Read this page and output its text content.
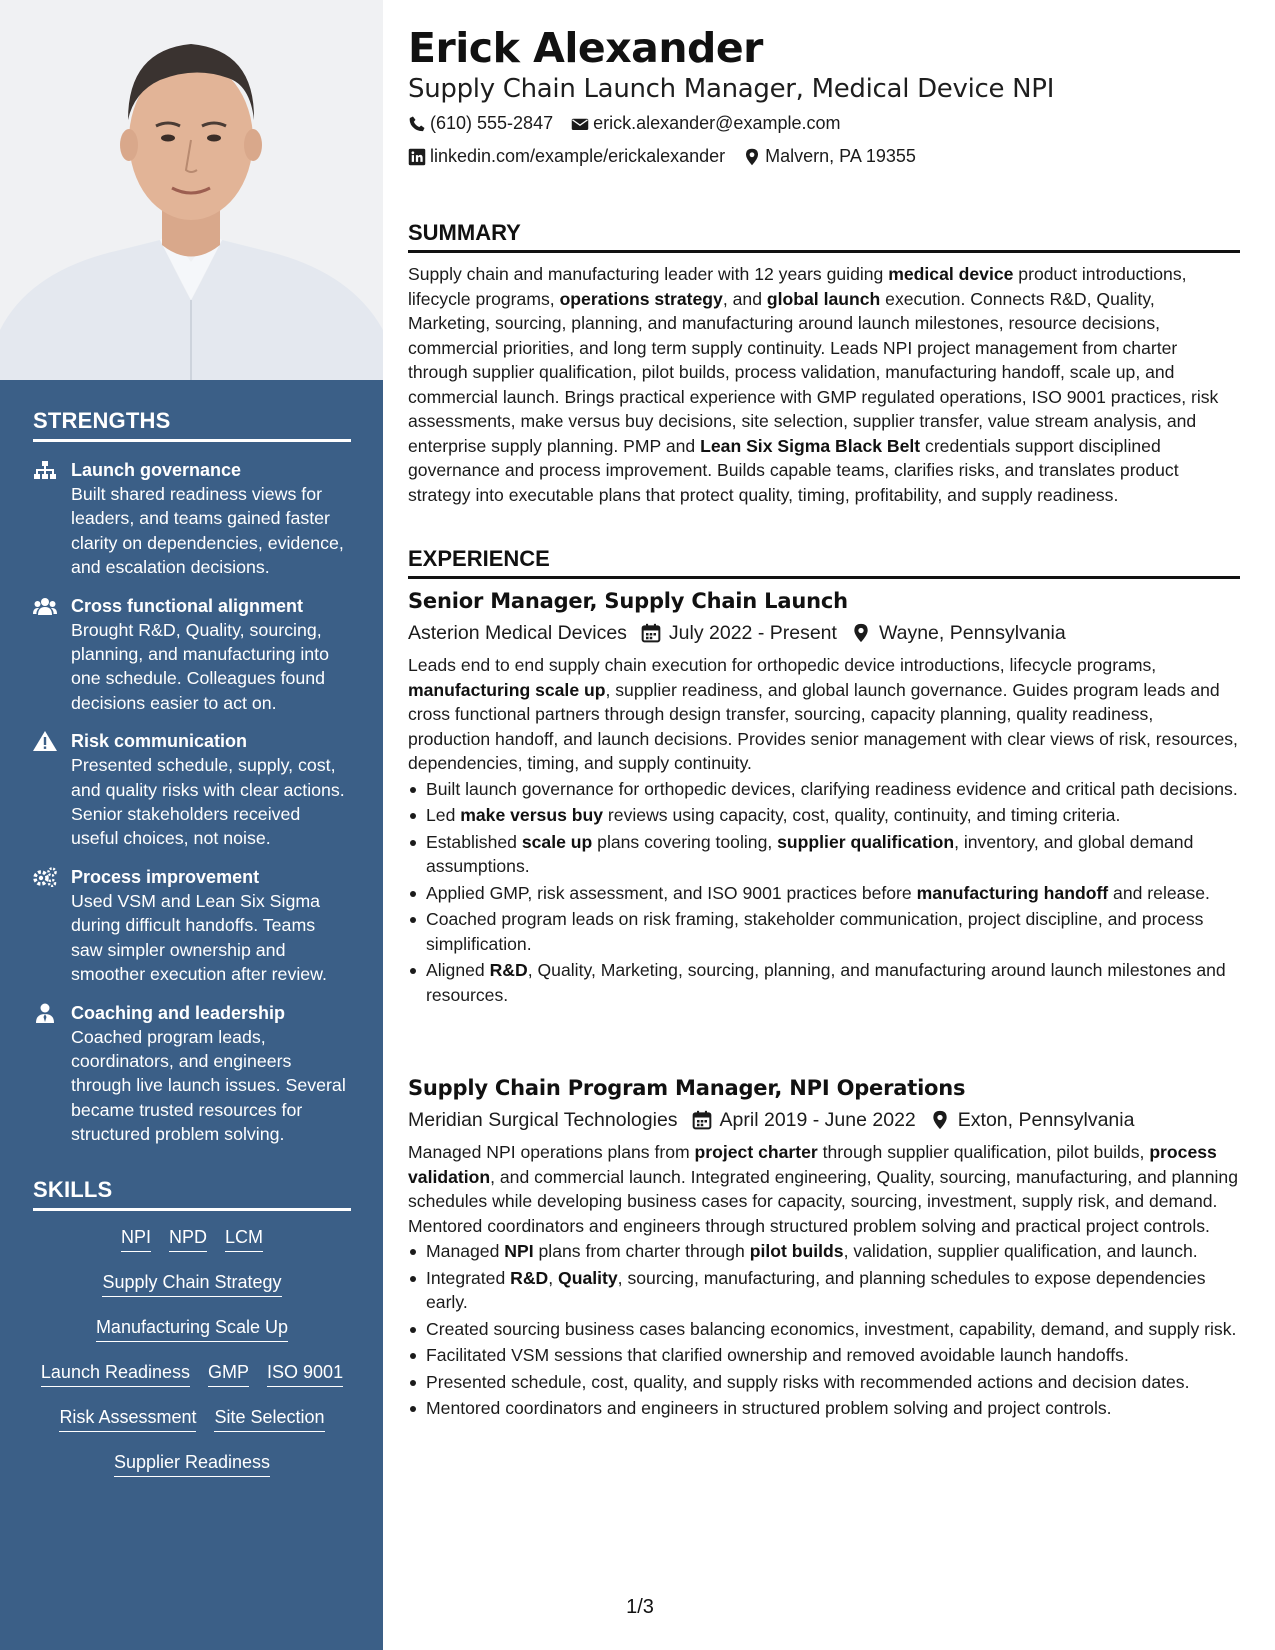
STRENGTHS
Launch governance
Built shared readiness views for leaders, and teams gained faster clarity on dependencies, evidence, and escalation decisions.
Cross functional alignment
Brought R&D, Quality, sourcing, planning, and manufacturing into one schedule. Colleagues found decisions easier to act on.
Risk communication
Presented schedule, supply, cost, and quality risks with clear actions. Senior stakeholders received useful choices, not noise.
Process improvement
Used VSM and Lean Six Sigma during difficult handoffs. Teams saw simpler ownership and smoother execution after review.
Coaching and leadership
Coached program leads, coordinators, and engineers through live launch issues. Several became trusted resources for structured problem solving.
SKILLS
NPI NPD LCM
Supply Chain Strategy
Manufacturing Scale Up
Launch Readiness GMP ISO 9001
Risk Assessment Site Selection
Supplier Readiness
Erick Alexander
Supply Chain Launch Manager, Medical Device NPI
(610) 555-2847 erick.alexander@example.com
linkedin.com/example/erickalexander Malvern, PA 19355
SUMMARY
Supply chain and manufacturing leader with 12 years guiding medical device product introductions, lifecycle programs, operations strategy, and global launch execution. Connects R&D, Quality, Marketing, sourcing, planning, and manufacturing around launch milestones, resource decisions, commercial priorities, and long term supply continuity. Leads NPI project management from charter through supplier qualification, pilot builds, process validation, manufacturing handoff, scale up, and commercial launch. Brings practical experience with GMP regulated operations, ISO 9001 practices, risk assessments, make versus buy decisions, site selection, supplier transfer, value stream analysis, and enterprise supply planning. PMP and Lean Six Sigma Black Belt credentials support disciplined governance and process improvement. Builds capable teams, clarifies risks, and translates product strategy into executable plans that protect quality, timing, profitability, and supply readiness.
EXPERIENCE
Senior Manager, Supply Chain Launch
Asterion Medical Devices July 2022 - Present Wayne, Pennsylvania
Leads end to end supply chain execution for orthopedic device introductions, lifecycle programs, manufacturing scale up, supplier readiness, and global launch governance. Guides program leads and cross functional partners through design transfer, sourcing, capacity planning, quality readiness, production handoff, and launch decisions. Provides senior management with clear views of risk, resources, dependencies, timing, and supply continuity.
Built launch governance for orthopedic devices, clarifying readiness evidence and critical path decisions.
Led make versus buy reviews using capacity, cost, quality, continuity, and timing criteria.
Established scale up plans covering tooling, supplier qualification, inventory, and global demand assumptions.
Applied GMP, risk assessment, and ISO 9001 practices before manufacturing handoff and release.
Coached program leads on risk framing, stakeholder communication, project discipline, and process simplification.
Aligned R&D, Quality, Marketing, sourcing, planning, and manufacturing around launch milestones and resources.
Supply Chain Program Manager, NPI Operations
Meridian Surgical Technologies April 2019 - June 2022 Exton, Pennsylvania
Managed NPI operations plans from project charter through supplier qualification, pilot builds, process validation, and commercial launch. Integrated engineering, Quality, sourcing, manufacturing, and planning schedules while developing business cases for capacity, sourcing, investment, supply risk, and demand. Mentored coordinators and engineers through structured problem solving and practical project controls.
Managed NPI plans from charter through pilot builds, validation, supplier qualification, and launch.
Integrated R&D, Quality, sourcing, manufacturing, and planning schedules to expose dependencies early.
Created sourcing business cases balancing economics, investment, capability, demand, and supply risk.
Facilitated VSM sessions that clarified ownership and removed avoidable launch handoffs.
Presented schedule, cost, quality, and supply risks with recommended actions and decision dates.
Mentored coordinators and engineers in structured problem solving and project controls.
1/3
